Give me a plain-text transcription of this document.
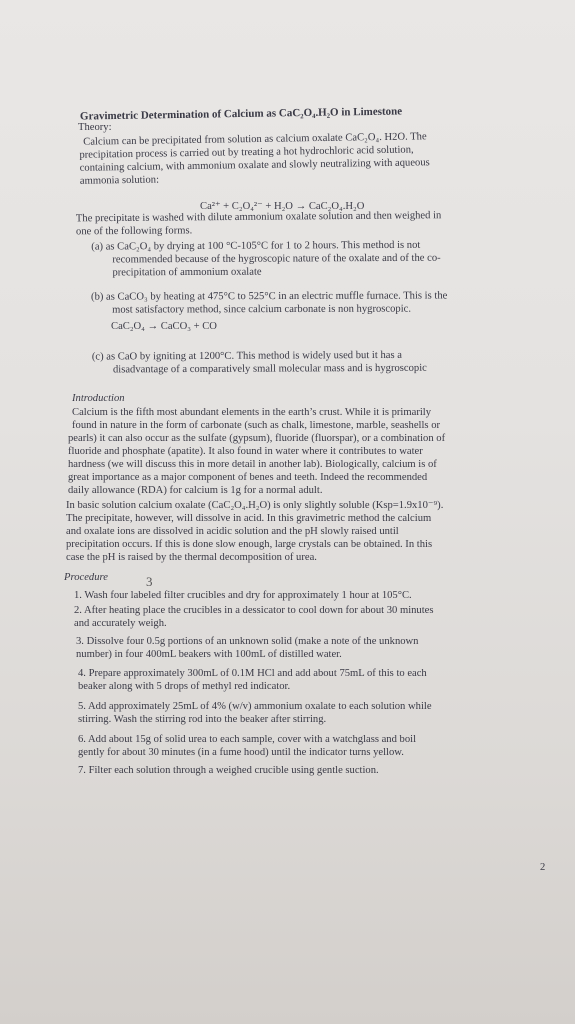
Gravimetric Determination of Calcium as CaC₂O₄.H₂O in Limestone
Theory:
Calcium can be precipitated from solution as calcium oxalate CaC₂O₄. H2O. The
precipitation process is carried out by treating a hot hydrochloric acid solution,
containing calcium, with ammonium oxalate and slowly neutralizing with aqueous
ammonia solution:
Ca²⁺ + C₂O₄²⁻ + H₂O → CaC₂O₄.H₂O
The precipitate is washed with dilute ammonium oxalate solution and then weighed in
one of the following forms.
(a) as CaC₂O₄ by drying at 100 °C-105°C for 1 to 2 hours. This method is not
recommended because of the hygroscopic nature of the oxalate and of the co-
precipitation of ammonium oxalate
(b) as CaCO₃ by heating at 475°C to 525°C in an electric muffle furnace. This is the
most satisfactory method, since calcium carbonate is non hygroscopic.
CaC₂O₄ → CaCO₃ + CO
(c) as CaO by igniting at 1200°C. This method is widely used but it has a
disadvantage of a comparatively small molecular mass and is hygroscopic
Introduction
Calcium is the fifth most abundant elements in the earth’s crust. While it is primarily
found in nature in the form of carbonate (such as chalk, limestone, marble, seashells or
pearls) it can also occur as the sulfate (gypsum), fluoride (fluorspar), or a combination of
fluoride and phosphate (apatite). It also found in water where it contributes to water
hardness (we will discuss this in more detail in another lab). Biologically, calcium is of
great importance as a major component of benes and teeth. Indeed the recommended
daily allowance (RDA) for calcium is 1g for a normal adult.
In basic solution calcium oxalate (CaC₂O₄.H₂O) is only slightly soluble (Ksp=1.9x10⁻⁹).
The precipitate, however, will dissolve in acid. In this gravimetric method the calcium
and oxalate ions are dissolved in acidic solution and the pH slowly raised until
precipitation occurs. If this is done slow enough, large crystals can be obtained. In this
case the pH is raised by the thermal decomposition of urea.
Procedure	3
1. Wash four labeled filter crucibles and dry for approximately 1 hour at 105°C.
2. After heating place the crucibles in a dessicator to cool down for about 30 minutes
and accurately weigh.
3. Dissolve four 0.5g portions of an unknown solid (make a note of the unknown
number) in four 400mL beakers with 100mL of distilled water.
4. Prepare approximately 300mL of 0.1M HCl and add about 75mL of this to each
beaker along with 5 drops of methyl red indicator.
5. Add approximately 25mL of 4% (w/v) ammonium oxalate to each solution while
stirring. Wash the stirring rod into the beaker after stirring.
6. Add about 15g of solid urea to each sample, cover with a watchglass and boil
gently for about 30 minutes (in a fume hood) until the indicator turns yellow.
7. Filter each solution through a weighed crucible using gentle suction.
2
